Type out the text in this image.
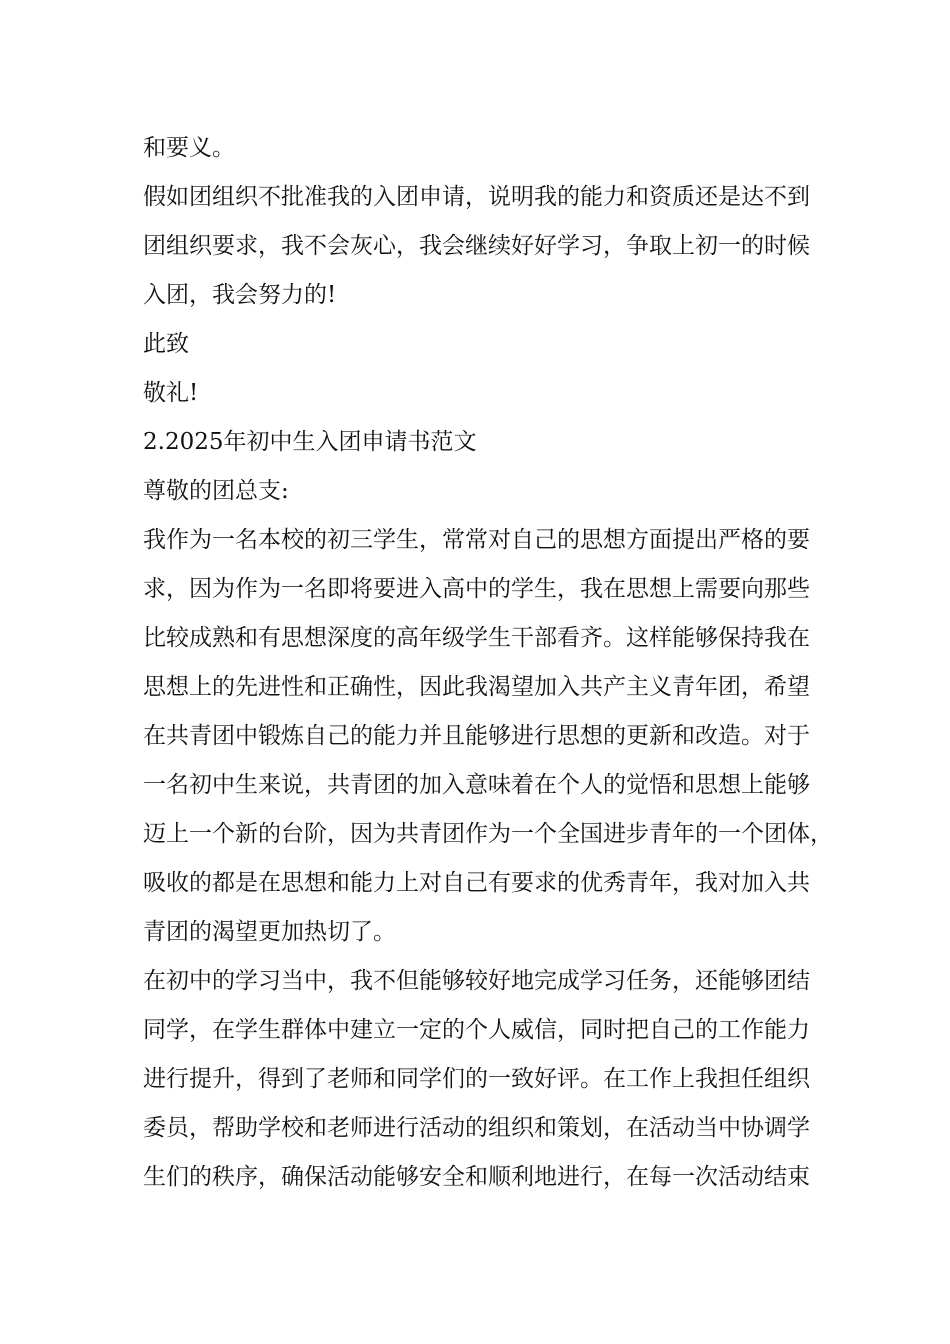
和要义。
假如团组织不批准我的入团申请，说明我的能力和资质还是达不到
团组织要求，我不会灰心，我会继续好好学习，争取上初一的时候
入团，我会努力的!
此致
敬礼!
2.2025年初中生入团申请书范文
尊敬的团总支:
我作为一名本校的初三学生，常常对自己的思想方面提出严格的要
求，因为作为一名即将要进入高中的学生，我在思想上需要向那些
比较成熟和有思想深度的高年级学生干部看齐。这样能够保持我在
思想上的先进性和正确性，因此我渴望加入共产主义青年团，希望
在共青团中锻炼自己的能力并且能够进行思想的更新和改造。对于
一名初中生来说，共青团的加入意味着在个人的觉悟和思想上能够
迈上一个新的台阶，因为共青团作为一个全国进步青年的一个团体，
吸收的都是在思想和能力上对自己有要求的优秀青年，我对加入共
青团的渴望更加热切了。
在初中的学习当中，我不但能够较好地完成学习任务，还能够团结
同学，在学生群体中建立一定的个人威信，同时把自己的工作能力
进行提升，得到了老师和同学们的一致好评。在工作上我担任组织
委员，帮助学校和老师进行活动的组织和策划，在活动当中协调学
生们的秩序，确保活动能够安全和顺利地进行，在每一次活动结束
